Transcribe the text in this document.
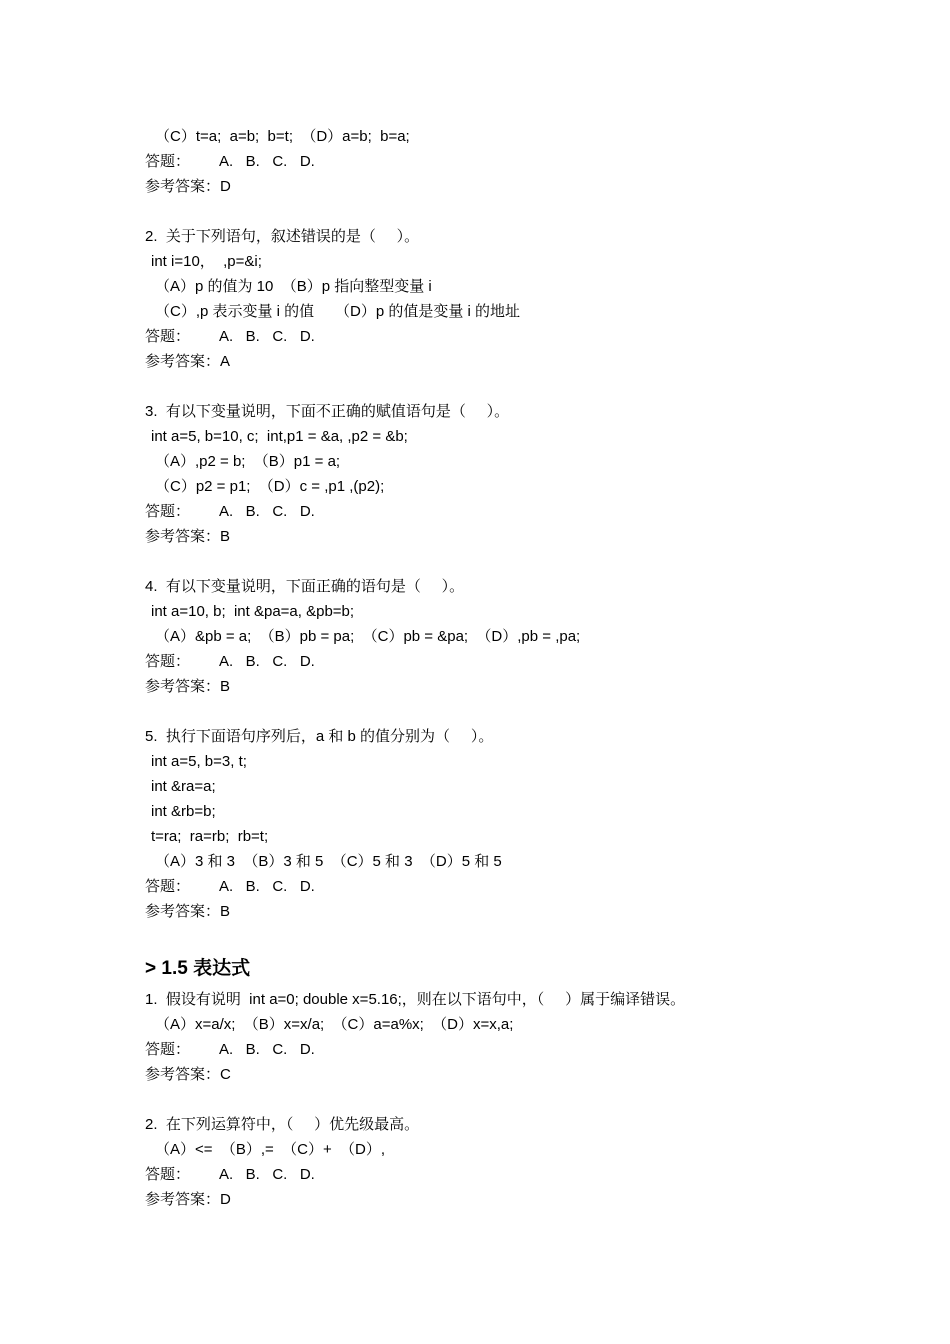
（C）t=a;  a=b;  b=t;  （D）a=b;  b=a;
答题： A.   B.   C.   D.
参考答案：D
2.  关于下列语句，叙述错误的是（     ）。
int i=10，  ,p=&i;
（A）p 的值为 10  （B）p 指向整型变量 i
（C）,p 表示变量 i 的值     （D）p 的值是变量 i 的地址
答题： A.   B.   C.   D.
参考答案：A
3.  有以下变量说明，下面不正确的赋值语句是（     ）。
int a=5, b=10, c;  int,p1 = &a, ,p2 = &b;
（A）,p2 = b;  （B）p1 = a;
（C）p2 = p1;  （D）c = ,p1 ,(p2);
答题： A.   B.   C.   D.
参考答案：B
4.  有以下变量说明，下面正确的语句是（     ）。
int a=10, b;  int &pa=a, &pb=b;
（A）&pb = a;  （B）pb = pa;  （C）pb = &pa;  （D）,pb = ,pa;
答题： A.   B.   C.   D.
参考答案：B
5.  执行下面语句序列后，a 和 b 的值分别为（     ）。
int a=5, b=3, t;
int &ra=a;
int &rb=b;
t=ra;  ra=rb;  rb=t;
（A）3 和 3  （B）3 和 5  （C）5 和 3  （D）5 和 5
答题： A.   B.   C.   D.
参考答案：B
> 1.5 表达式
1.  假设有说明  int a=0; double x=5.16;，则在以下语句中，（     ）属于编译错误。
（A）x=a/x;  （B）x=x/a;  （C）a=a%x;  （D）x=x,a;
答题： A.   B.   C.   D.
参考答案：C
2.  在下列运算符中，（     ）优先级最高。
（A）<=  （B）,=  （C）+  （D）,
答题： A.   B.   C.   D.
参考答案：D
